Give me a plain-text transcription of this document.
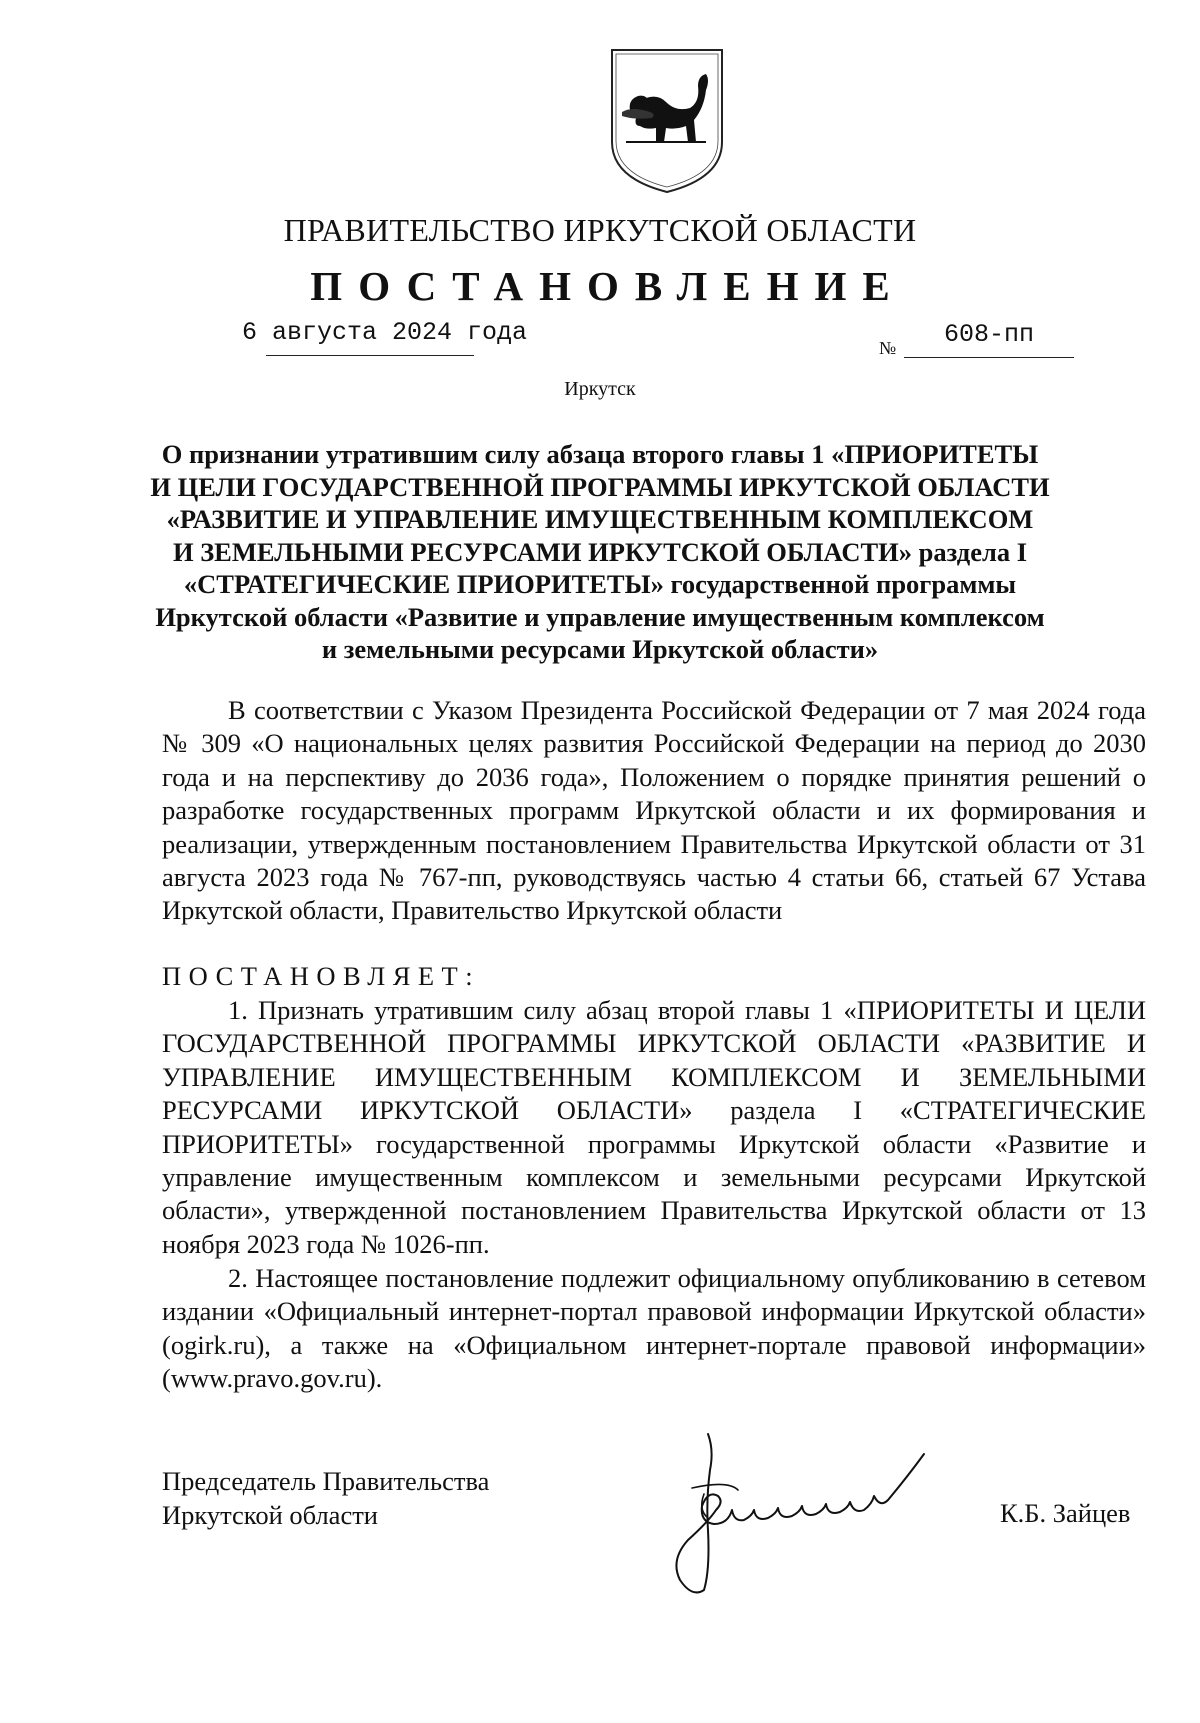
ПРАВИТЕЛЬСТВО ИРКУТСКОЙ ОБЛАСТИ
ПОСТАНОВЛЕНИЕ
6 августа 2024 года
№ 608-пп
Иркутск
О признании утратившим силу абзаца второго главы 1 «ПРИОРИТЕТЫ
И ЦЕЛИ ГОСУДАРСТВЕННОЙ ПРОГРАММЫ ИРКУТСКОЙ ОБЛАСТИ
«РАЗВИТИЕ И УПРАВЛЕНИЕ ИМУЩЕСТВЕННЫМ КОМПЛЕКСОМ
И ЗЕМЕЛЬНЫМИ РЕСУРСАМИ ИРКУТСКОЙ ОБЛАСТИ» раздела I
«СТРАТЕГИЧЕСКИЕ ПРИОРИТЕТЫ» государственной программы
Иркутской области «Развитие и управление имущественным комплексом
и земельными ресурсами Иркутской области»

В соответствии с Указом Президента Российской Федерации от 7 мая 2024 года № 309 «О национальных целях развития Российской Федерации на период до 2030 года и на перспективу до 2036 года», Положением о порядке принятия решений о разработке государственных программ Иркутской области и их формирования и реализации, утвержденным постановлением Правительства Иркутской области от 31 августа 2023 года № 767-пп, руководствуясь частью 4 статьи 66, статьей 67 Устава Иркутской области, Правительство Иркутской области

ПОСТАНОВЛЯЕТ:

1. Признать утратившим силу абзац второй главы 1 «ПРИОРИТЕТЫ И ЦЕЛИ ГОСУДАРСТВЕННОЙ ПРОГРАММЫ ИРКУТСКОЙ ОБЛАСТИ «РАЗВИТИЕ И УПРАВЛЕНИЕ ИМУЩЕСТВЕННЫМ КОМПЛЕКСОМ И ЗЕМЕЛЬНЫМИ РЕСУРСАМИ ИРКУТСКОЙ ОБЛАСТИ» раздела I «СТРАТЕГИЧЕСКИЕ ПРИОРИТЕТЫ» государственной программы Иркутской области «Развитие и управление имущественным комплексом и земельными ресурсами Иркутской области», утвержденной постановлением Правительства Иркутской области от 13 ноября 2023 года № 1026-пп.

2. Настоящее постановление подлежит официальному опубликованию в сетевом издании «Официальный интернет-портал правовой информации Иркутской области» (ogirk.ru), а также на «Официальном интернет-портале правовой информации» (www.pravo.gov.ru).

Председатель Правительства
Иркутской области	К.Б. Зайцев
